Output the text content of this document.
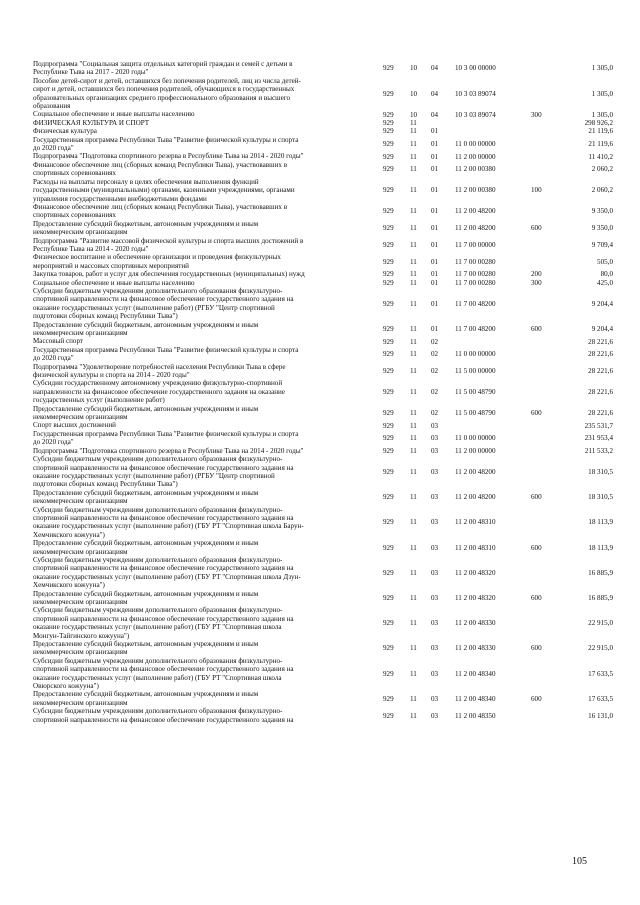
Подпрограмма "Социальная защита отдельных категорий граждан и семей с детьми в
Республике Тыва на 2017 - 2020 годы"
929 10 04 10 3 00 00000	1 305,0
Пособие детей-сирот и детей, оставшихся без попечения родителей, лиц из числа детей-
сирот и детей, оставшихся без попечения родителей, обучающихся в государственных
образовательных организациях среднего профессионального образования и высшего
образования
929 10 04 10 3 03 89074	1 305,0
Социальное обеспечение и иные выплаты населению	929 10 04 10 3 03 89074	300	1 305,0
ФИЗИЧЕСКАЯ КУЛЬТУРА И СПОРТ	929 11	298 926,2
Физическая культура	929 11 01	21 119,6
Государственная программа Республики Тыва "Развитие физической культуры и спорта
до 2020 года"
929 11 01 11 0 00 00000	21 119,6
Подпрограмма "Подготовка спортивного резерва в Республике Тыва на 2014 - 2020 годы"	929 11 01 11 2 00 00000	11 410,2
Финансовое обеспечение лиц (сборных команд Республики Тыва), участвовавших в
спортивных соревнованиях
929 11 01 11 2 00 00380	2 060,2
Расходы на выплаты персоналу в целях обеспечения выполнения функций
государственными (муниципальными) органами, казенными учреждениями, органами
управления государственными внебюджетными фондами
929 11 01 11 2 00 00380	100	2 060,2
Финансовое обеспечение лиц (сборных команд Республики Тыва), участвовавших в
спортивных соревнованиях
929 11 01 11 2 00 48200	9 350,0
Предоставление субсидий бюджетным, автономным учреждениям и иным
некоммерческим организациям
929 11 01 11 2 00 48200	600	9 350,0
Подпрограмма "Развитие массовой физической культуры и спорта высших достижений в
Республике Тыва на 2014 - 2020 годы"
929 11 01 11 7 00 00000	9 709,4
Физическое воспитание и обеспечение организации и проведения физкультурных
мероприятий и массовых спортивных мероприятий
929 11 01 11 7 00 00280	505,0
Закупка товаров, работ и услуг для обеспечения государственных (муниципальных) нужд	929 11 01 11 7 00 00280	200	80,0
Социальное обеспечение и иные выплаты населению	929 11 01 11 7 00 00280	300	425,0
Субсидии бюджетным учреждениям дополнительного образования физкультурно-
спортивной направленности на финансовое обеспечение государственного задания на
оказание государственных услуг (выполнение работ) (РГБУ "Центр спортивной
подготовки сборных команд Республики Тыва")
929 11 01 11 7 00 48200	9 204,4
Предоставление субсидий бюджетным, автономным учреждениям и иным
некоммерческим организациям
929 11 01 11 7 00 48200	600	9 204,4
Массовый спорт	929 11 02	28 221,6
Государственная программа Республики Тыва "Развитие физической культуры и спорта
до 2020 года"
929 11 02 11 0 00 00000	28 221,6
Подпрограмма "Удовлетворение потребностей населения Республики Тыва в сфере
физической культуры и спорта на 2014 - 2020 годы"
929 11 02 11 5 00 00000	28 221,6
Субсидии государственному автономному учреждению физкультурно-спортивной
направленности на финансовое обеспечение государственного задания на оказание
государственных услуг (выполнение работ)
929 11 02 11 5 00 48790	28 221,6
Предоставление субсидий бюджетным, автономным учреждениям и иным
некоммерческим организациям
929 11 02 11 5 00 48790	600	28 221,6
Спорт высших достижений	929 11 03	235 531,7
Государственная программа Республики Тыва "Развитие физической культуры и спорта
до 2020 года"
929 11 03 11 0 00 00000	231 953,4
Подпрограмма "Подготовка спортивного резерва в Республике Тыва на 2014 - 2020 годы"	929 11 03 11 2 00 00000	211 533,2
Субсидии бюджетным учреждениям дополнительного образования физкультурно-
спортивной направленности на финансовое обеспечение государственного задания на
оказание государственных услуг (выполнение работ) (РГБУ "Центр спортивной
подготовки сборных команд Республики Тыва")
929 11 03 11 2 00 48200	18 310,5
Предоставление субсидий бюджетным, автономным учреждениям и иным
некоммерческим организациям
929 11 03 11 2 00 48200	600	18 310,5
Субсидии бюджетным учреждениям дополнительного образования физкультурно-
спортивной направленности на финансовое обеспечение государственного задания на
оказание государственных услуг (выполнение работ) (ГБУ РТ "Спортивная школа Барун-
Хемчикского кожууна")
929 11 03 11 2 00 48310	18 113,9
Предоставление субсидий бюджетным, автономным учреждениям и иным
некоммерческим организациям
929 11 03 11 2 00 48310	600	18 113,9
Субсидии бюджетным учреждениям дополнительного образования физкультурно-
спортивной направленности на финансовое обеспечение государственного задания на
оказание государственных услуг (выполнение работ) (ГБУ РТ "Спортивная школа Дзун-
Хемчикского кожууна")
929 11 03 11 2 00 48320	16 885,9
Предоставление субсидий бюджетным, автономным учреждениям и иным
некоммерческим организациям
929 11 03 11 2 00 48320	600	16 885,9
Субсидии бюджетным учреждениям дополнительного образования физкультурно-
спортивной направленности на финансовое обеспечение государственного задания на
оказание государственных услуг (выполнение работ) (ГБУ РТ "Спортивная школа
Монгун-Тайгинского кожууна")
929 11 03 11 2 00 48330	22 915,0
Предоставление субсидий бюджетным, автономным учреждениям и иным
некоммерческим организациям
929 11 03 11 2 00 48330	600	22 915,0
Субсидии бюджетным учреждениям дополнительного образования физкультурно-
спортивной направленности на финансовое обеспечение государственного задания на
оказание государственных услуг (выполнение работ) (ГБУ РТ "Спортивная школа
Овюрского кожууна")
929 11 03 11 2 00 48340	17 633,5
Предоставление субсидий бюджетным, автономным учреждениям и иным
некоммерческим организациям
929 11 03 11 2 00 48340	600	17 633,5
Субсидии бюджетным учреждениям дополнительного образования физкультурно-
спортивной направленности на финансовое обеспечение государственного задания на
929 11 03 11 2 00 48350	16 131,0
105
